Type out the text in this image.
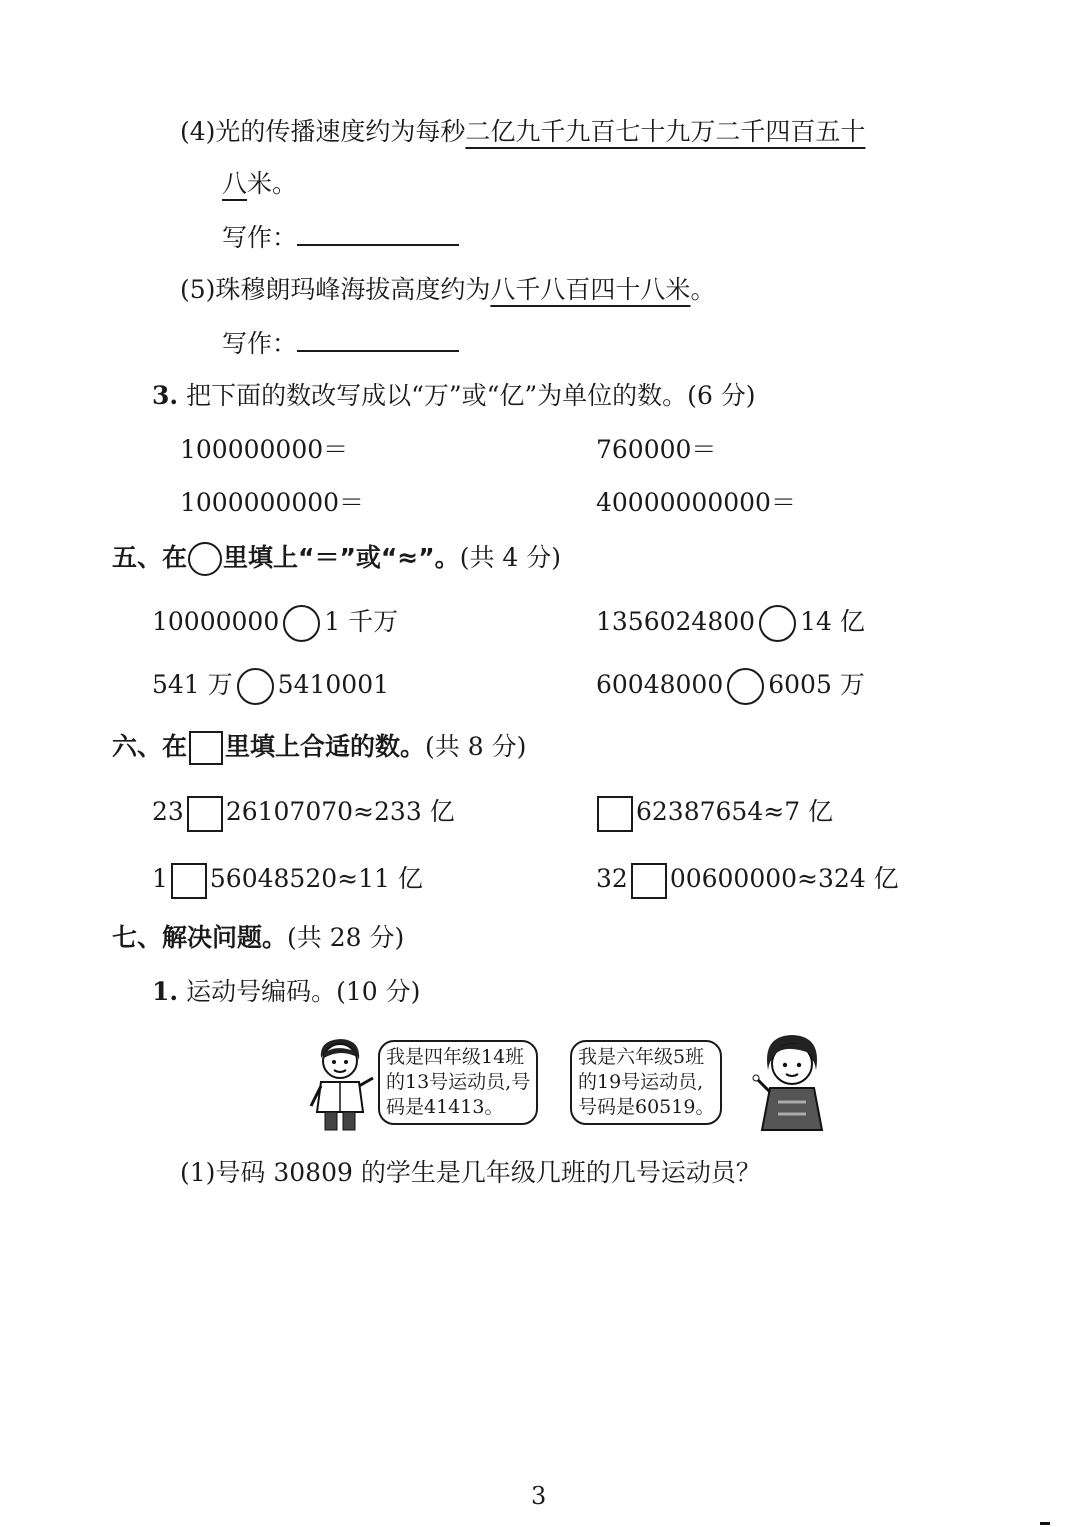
(4)光的传播速度约为每秒二亿九千九百七十九万二千四百五十
八米。
写作：
(5)珠穆朗玛峰海拔高度约为八千八百四十八米。
写作：
3. 把下面的数改写成以“万”或“亿”为单位的数。(6 分)
100000000＝	760000＝
1000000000＝	40000000000＝
五、在 里填上“＝”或“≈”。(共 4 分)
10000000 1 千万	1356024800 14 亿
541 万 5410001	60048000 6005 万
六、在 里填上合适的数。(共 8 分)
23 26107070≈233 亿	62387654≈7 亿
1 56048520≈11 亿	32 00600000≈324 亿
七、解决问题。(共 28 分)
1. 运动号编码。(10 分)
我是四年级14班
的13号运动员,号
码是41413。
我是六年级5班
的19号运动员,
号码是60519。
(1)号码 30809 的学生是几年级几班的几号运动员？
3
